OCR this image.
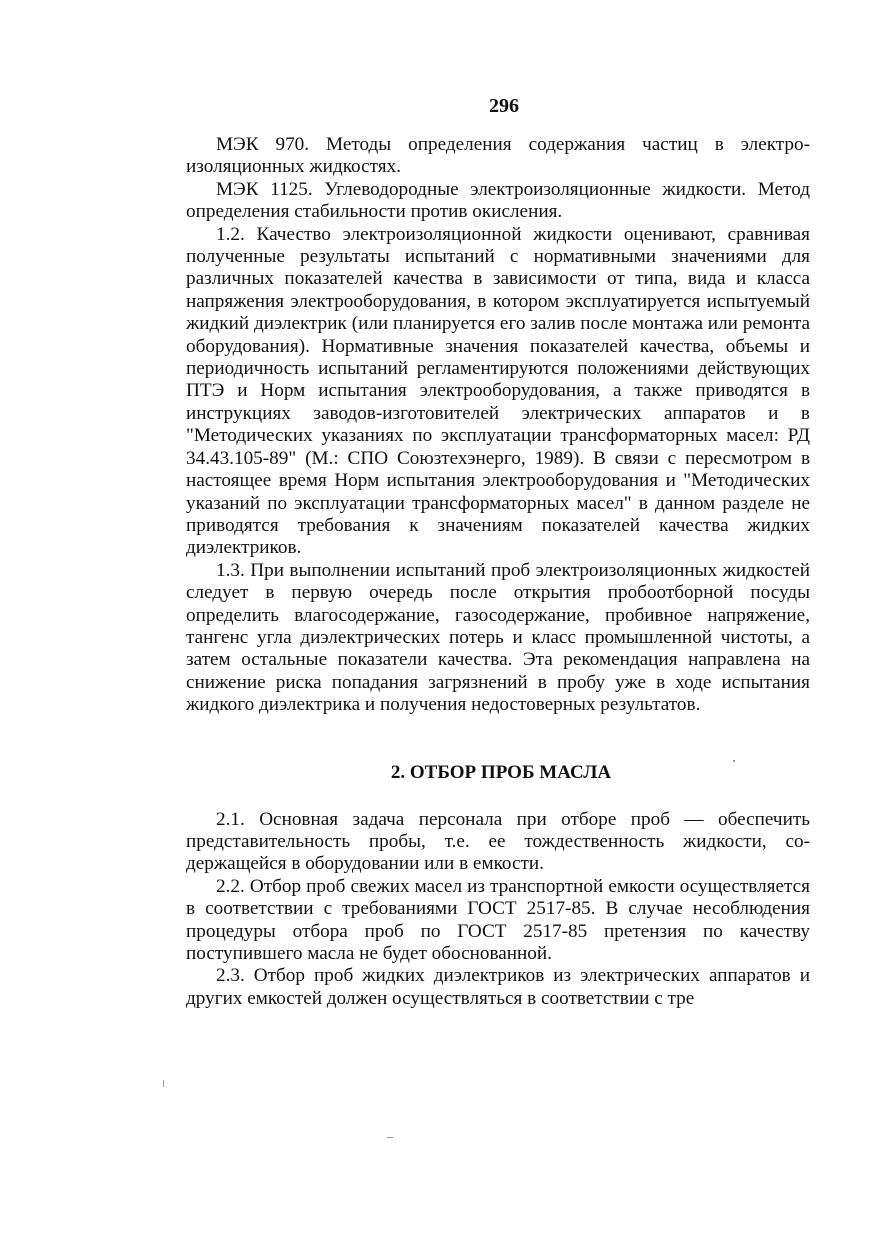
296

МЭК 970. Методы определения содержания частиц в электроизоляционных жидкостях.

МЭК 1125. Углеводородные электроизоляционные жидкости. Метод определения стабильности против окисления.

1.2. Качество электроизоляционной жидкости оценивают, сравнивая полученные результаты испытаний с нормативными значениями для различных показателей качества в зависимости от типа, вида и класса напряжения электрооборудования, в котором эксплуатируется испытуемый жидкий диэлектрик (или планируется его залив после монтажа или ремонта оборудования). Нормативные значения показателей качества, объемы и периодичность испытаний регламентируются положениями действующих ПТЭ и Норм испытания электрооборудования, а также приводятся в инструкциях заводов-изготовителей электрических аппаратов и в "Методических указаниях по эксплуатации трансформаторных масел: РД 34.43.105-89" (М.: СПО Союзтехэнерго, 1989). В связи с пересмотром в настоящее время Норм испытания электрооборудования и "Методических указаний по эксплуатации трансформаторных масел" в данном разделе не приводятся требования к значениям показателей качества жидких диэлектриков.

1.3. При выполнении испытаний проб электроизоляционных жидкостей следует в первую очередь после открытия пробоотборной посуды определить влагосодержание, газосодержание, пробивное напряжение, тангенс угла диэлектрических потерь и класс промышленной чистоты, а затем остальные показатели качества. Эта рекомендация направлена на снижение риска попадания загрязнений в пробу уже в ходе испытания жидкого диэлектрика и получения недостоверных результатов.

2. ОТБОР ПРОБ МАСЛА

2.1. Основная задача персонала при отборе проб — обеспечить представительность пробы, т.е. ее тождественность жидкости, содержащейся в оборудовании или в емкости.

2.2. Отбор проб свежих масел из транспортной емкости осуществляется в соответствии с требованиями ГОСТ 2517-85. В случае несоблюдения процедуры отбора проб по ГОСТ 2517-85 претензия по качеству поступившего масла не будет обоснованной.

2.3. Отбор проб жидких диэлектриков из электрических аппаратов и других емкостей должен осуществляться в соответствии с тре
